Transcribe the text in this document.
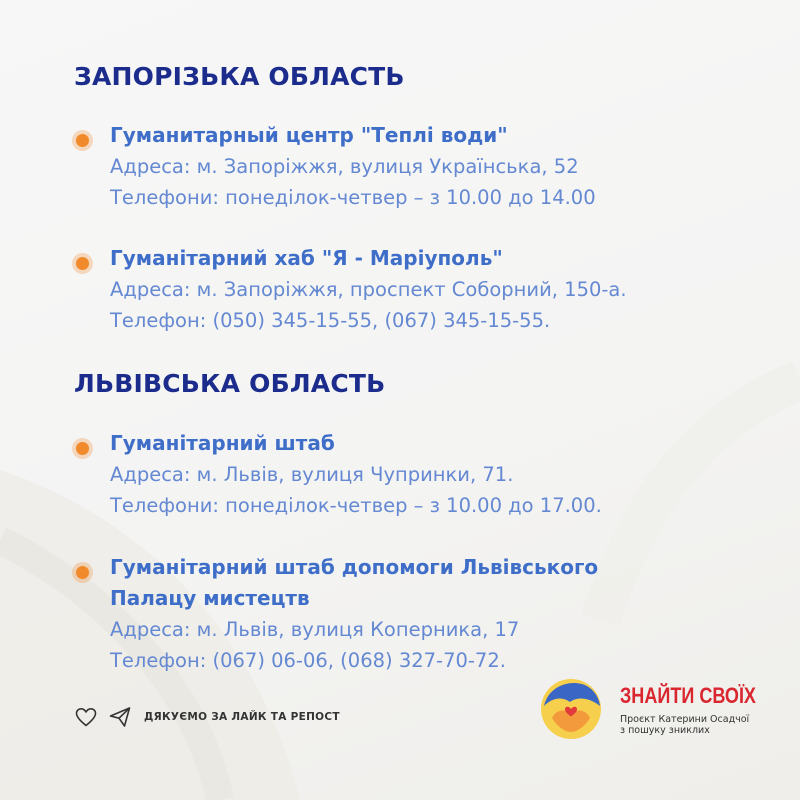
ЗАПОРІЗЬКА ОБЛАСТЬ
Гуманитарный центр "Теплі води"
Адреса: м. Запоріжжя, вулиця Українська, 52
Телефони: понеділок-четвер – з 10.00 до 14.00
Гуманітарний хаб "Я - Маріуполь"
Адреса: м. Запоріжжя, проспект Соборний, 150-а.
Телефон: (050) 345-15-55, (067) 345-15-55.
ЛЬВІВСЬКА ОБЛАСТЬ
Гуманітарний штаб
Адреса: м. Львів, вулиця Чупринки, 71.
Телефони: понеділок-четвер – з 10.00 до 17.00.
Гуманітарний штаб допомоги Львівського
Палацу мистецтв
Адреса: м. Львів, вулиця Коперника, 17
Телефон: (067) 06-06, (068) 327-70-72.
ДЯКУЄМО ЗА ЛАЙК ТА РЕПОСТ
ЗНАЙТИ СВОЇХ
Проєкт Катерини Осадчої
з пошуку зниклих
